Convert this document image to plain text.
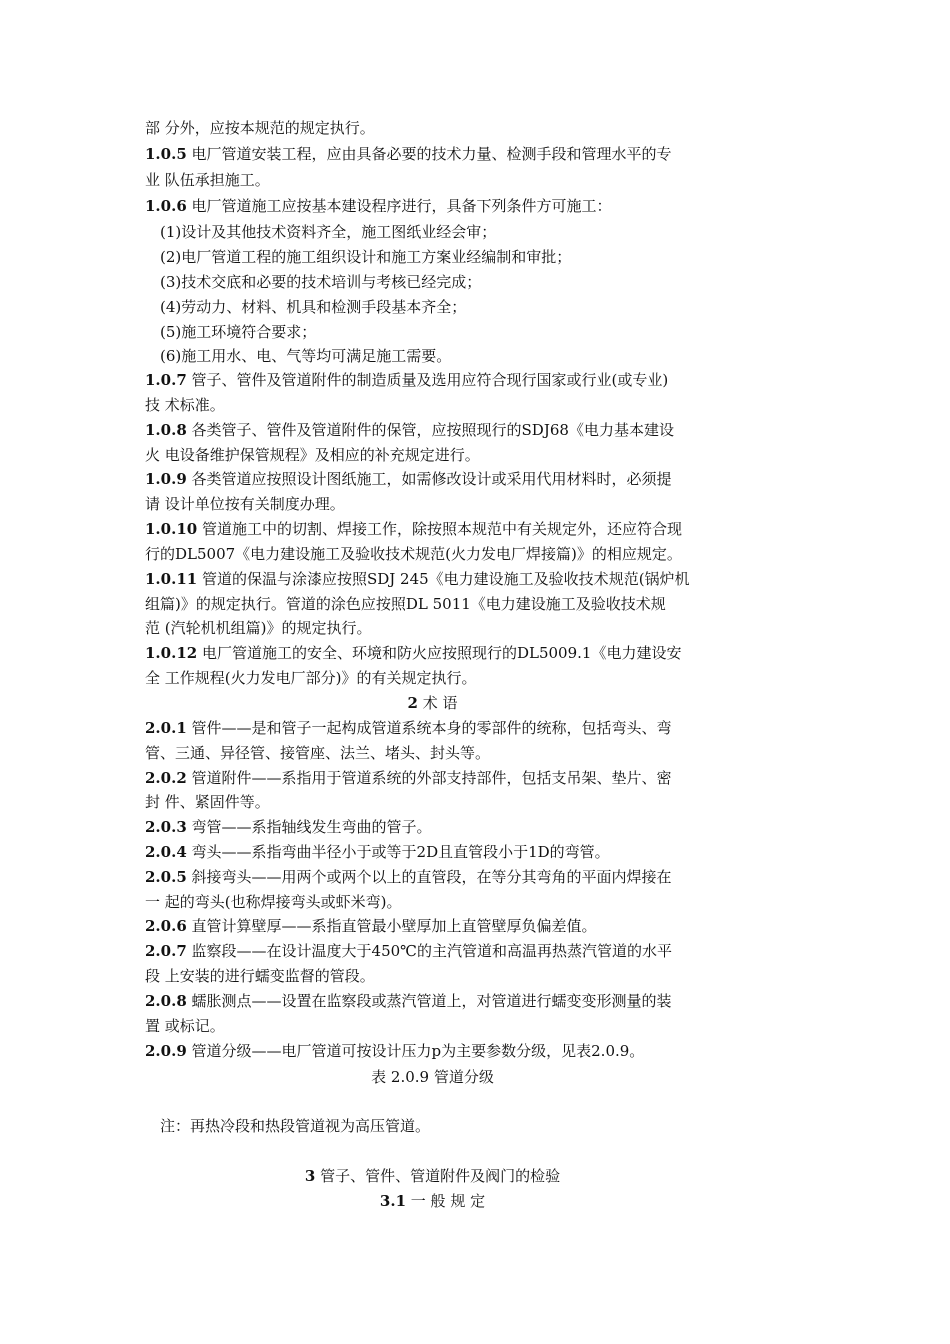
部 分外，应按本规范的规定执行。
1.0.5 电厂管道安装工程，应由具备必要的技术力量、检测手段和管理水平的专
业 队伍承担施工。
1.0.6 电厂管道施工应按基本建设程序进行，具备下列条件方可施工：
(1)设计及其他技术资料齐全，施工图纸业经会审；
(2)电厂管道工程的施工组织设计和施工方案业经编制和审批；
(3)技术交底和必要的技术培训与考核已经完成；
(4)劳动力、材料、机具和检测手段基本齐全；
(5)施工环境符合要求；
(6)施工用水、电、气等均可满足施工需要。
1.0.7 管子、管件及管道附件的制造质量及选用应符合现行国家或行业(或专业)
技 术标准。
1.0.8 各类管子、管件及管道附件的保管，应按照现行的SDJ68《电力基本建设
火 电设备维护保管规程》及相应的补充规定进行。
1.0.9 各类管道应按照设计图纸施工，如需修改设计或采用代用材料时，必须提
请 设计单位按有关制度办理。
1.0.10 管道施工中的切割、焊接工作，除按照本规范中有关规定外，还应符合现
行的DL5007《电力建设施工及验收技术规范(火力发电厂焊接篇)》的相应规定。
1.0.11 管道的保温与涂漆应按照SDJ 245《电力建设施工及验收技术规范(锅炉机
组篇)》的规定执行。管道的涂色应按照DL 5011《电力建设施工及验收技术规
范 (汽轮机机组篇)》的规定执行。
1.0.12 电厂管道施工的安全、环境和防火应按照现行的DL5009.1《电力建设安
全 工作规程(火力发电厂部分)》的有关规定执行。
2 术 语
2.0.1 管件——是和管子一起构成管道系统本身的零部件的统称，包括弯头、弯
管、三通、异径管、接管座、法兰、堵头、封头等。
2.0.2 管道附件——系指用于管道系统的外部支持部件，包括支吊架、垫片、密
封 件、紧固件等。
2.0.3 弯管——系指轴线发生弯曲的管子。
2.0.4 弯头——系指弯曲半径小于或等于2D且直管段小于1D的弯管。
2.0.5 斜接弯头——用两个或两个以上的直管段，在等分其弯角的平面内焊接在
一 起的弯头(也称焊接弯头或虾米弯)。
2.0.6 直管计算壁厚——系指直管最小壁厚加上直管壁厚负偏差值。
2.0.7 监察段——在设计温度大于450℃的主汽管道和高温再热蒸汽管道的水平
段 上安装的进行蠕变监督的管段。
2.0.8 蠕胀测点——设置在监察段或蒸汽管道上，对管道进行蠕变变形测量的装
置 或标记。
2.0.9 管道分级——电厂管道可按设计压力p为主要参数分级，见表2.0.9。
表 2.0.9 管道分级
注：再热冷段和热段管道视为高压管道。
3 管子、管件、管道附件及阀门的检验
3.1 一 般 规 定
